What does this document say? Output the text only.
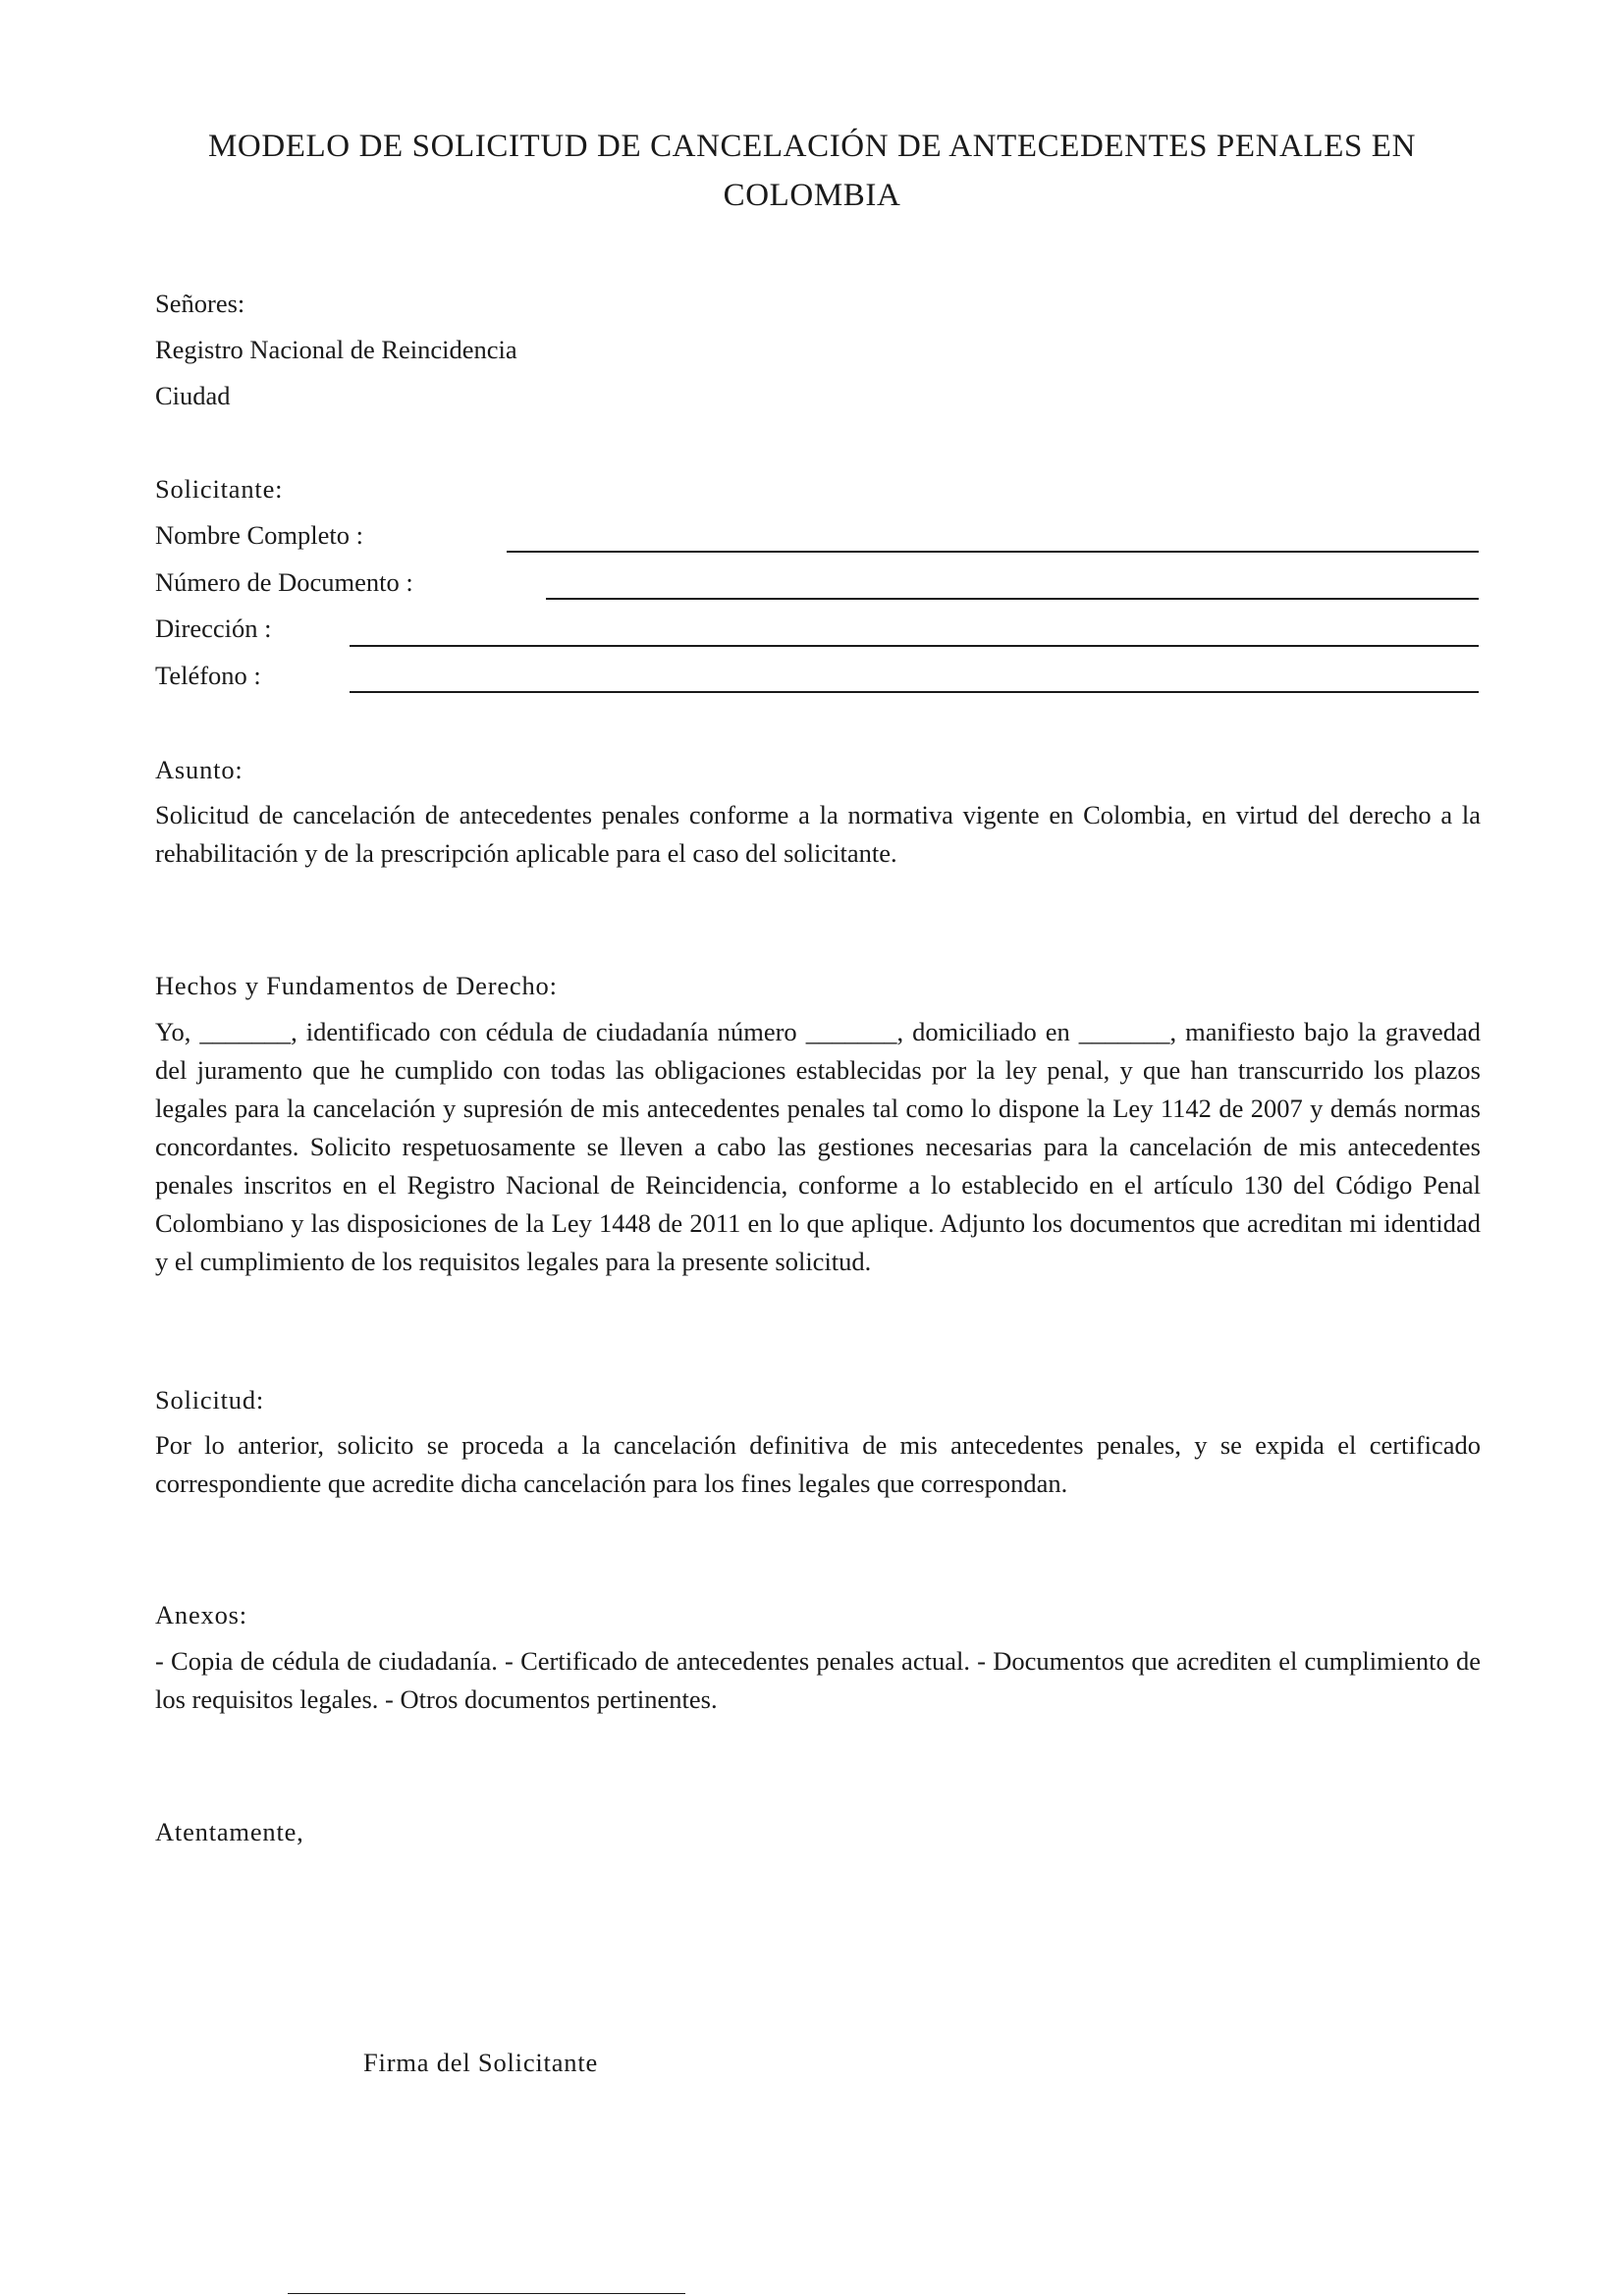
MODELO DE SOLICITUD DE CANCELACIÓN DE ANTECEDENTES PENALES EN COLOMBIA
Señores:
Registro Nacional de Reincidencia
Ciudad
Solicitante:
Nombre Completo :
Número de Documento :
Dirección :
Teléfono :
Asunto:
Solicitud de cancelación de antecedentes penales conforme a la normativa vigente en Colombia, en virtud del derecho a la rehabilitación y de la prescripción aplicable para el caso del solicitante.
Hechos y Fundamentos de Derecho:
Yo, _______, identificado con cédula de ciudadanía número _______, domiciliado en _______, manifiesto bajo la gravedad del juramento que he cumplido con todas las obligaciones establecidas por la ley penal, y que han transcurrido los plazos legales para la cancelación y supresión de mis antecedentes penales tal como lo dispone la Ley 1142 de 2007 y demás normas concordantes. Solicito respetuosamente se lleven a cabo las gestiones necesarias para la cancelación de mis antecedentes penales inscritos en el Registro Nacional de Reincidencia, conforme a lo establecido en el artículo 130 del Código Penal Colombiano y las disposiciones de la Ley 1448 de 2011 en lo que aplique. Adjunto los documentos que acreditan mi identidad y el cumplimiento de los requisitos legales para la presente solicitud.
Solicitud:
Por lo anterior, solicito se proceda a la cancelación definitiva de mis antecedentes penales, y se expida el certificado correspondiente que acredite dicha cancelación para los fines legales que correspondan.
Anexos:
- Copia de cédula de ciudadanía. - Certificado de antecedentes penales actual. - Documentos que acrediten el cumplimiento de los requisitos legales. - Otros documentos pertinentes.
Atentamente,
Firma del Solicitante
